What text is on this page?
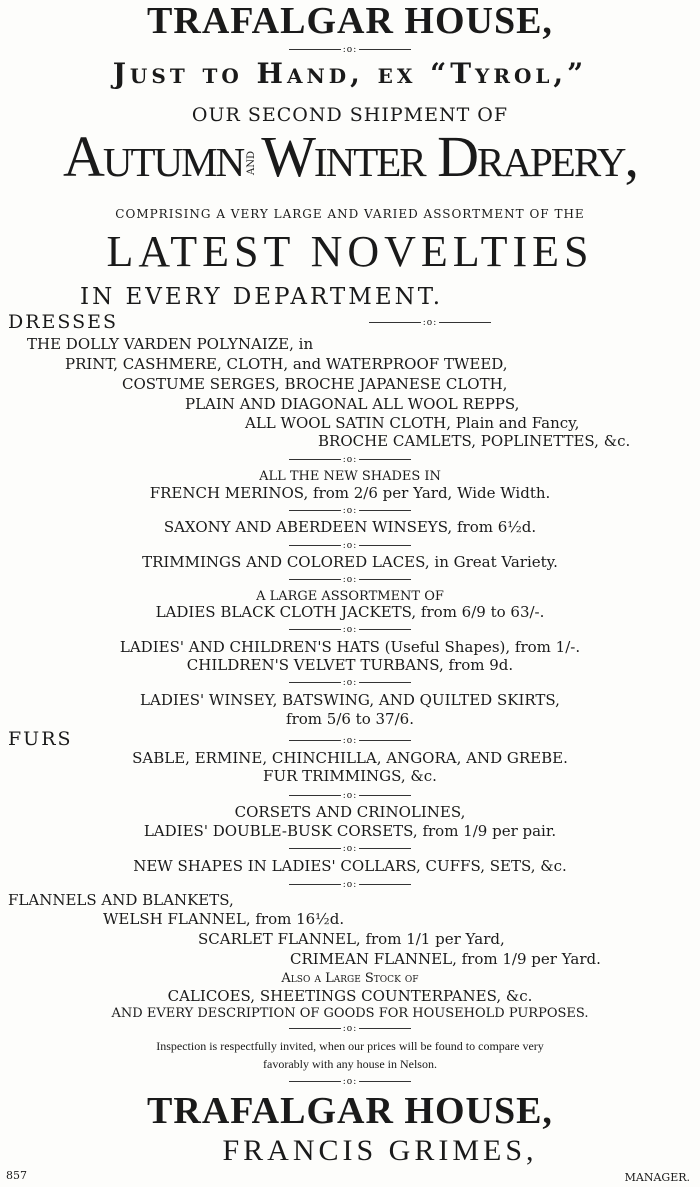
TRAFALGAR HOUSE,
:o:
Just to Hand, ex “Tyrol,”
OUR SECOND SHIPMENT OF
Autumn ANDWinter Drapery,
COMPRISING A VERY LARGE AND VARIED ASSORTMENT OF THE
LATEST NOVELTIES
IN EVERY DEPARTMENT.
DRESSES	:o:
THE DOLLY VARDEN POLYNAIZE, in
PRINT, CASHMERE, CLOTH, and WATERPROOF TWEED,
COSTUME SERGES, BROCHE JAPANESE CLOTH,
PLAIN AND DIAGONAL ALL WOOL REPPS,
ALL WOOL SATIN CLOTH, Plain and Fancy,
BROCHE CAMLETS, POPLINETTES, &c.
:o:
ALL THE NEW SHADES IN
FRENCH MERINOS, from 2/6 per Yard, Wide Width.
:o:
SAXONY AND ABERDEEN WINSEYS, from 6½d.
:o:
TRIMMINGS AND COLORED LACES, in Great Variety.
:o:
A LARGE ASSORTMENT OF
LADIES BLACK CLOTH JACKETS, from 6/9 to 63/-.
:o:
LADIES' AND CHILDREN'S HATS (Useful Shapes), from 1/-.
CHILDREN'S VELVET TURBANS, from 9d.
:o:
LADIES' WINSEY, BATSWING, AND QUILTED SKIRTS,
from 5/6 to 37/6.
FURS	:o:
SABLE, ERMINE, CHINCHILLA, ANGORA, AND GREBE.
FUR TRIMMINGS, &c.
:o:
CORSETS AND CRINOLINES,
LADIES' DOUBLE-BUSK CORSETS, from 1/9 per pair.
:o:
NEW SHAPES IN LADIES' COLLARS, CUFFS, SETS, &c.
:o:
FLANNELS AND BLANKETS,
WELSH FLANNEL, from 16½d.
SCARLET FLANNEL, from 1/1 per Yard,
CRIMEAN FLANNEL, from 1/9 per Yard.
Also a Large Stock of
CALICOES, SHEETINGS COUNTERPANES, &c.
AND EVERY DESCRIPTION OF GOODS FOR HOUSEHOLD PURPOSES.
:o:
Inspection is respectfully invited, when our prices will be found to compare very
favorably with any house in Nelson.
:o:
TRAFALGAR HOUSE,
FRANCIS GRIMES,
857	MANAGER.
